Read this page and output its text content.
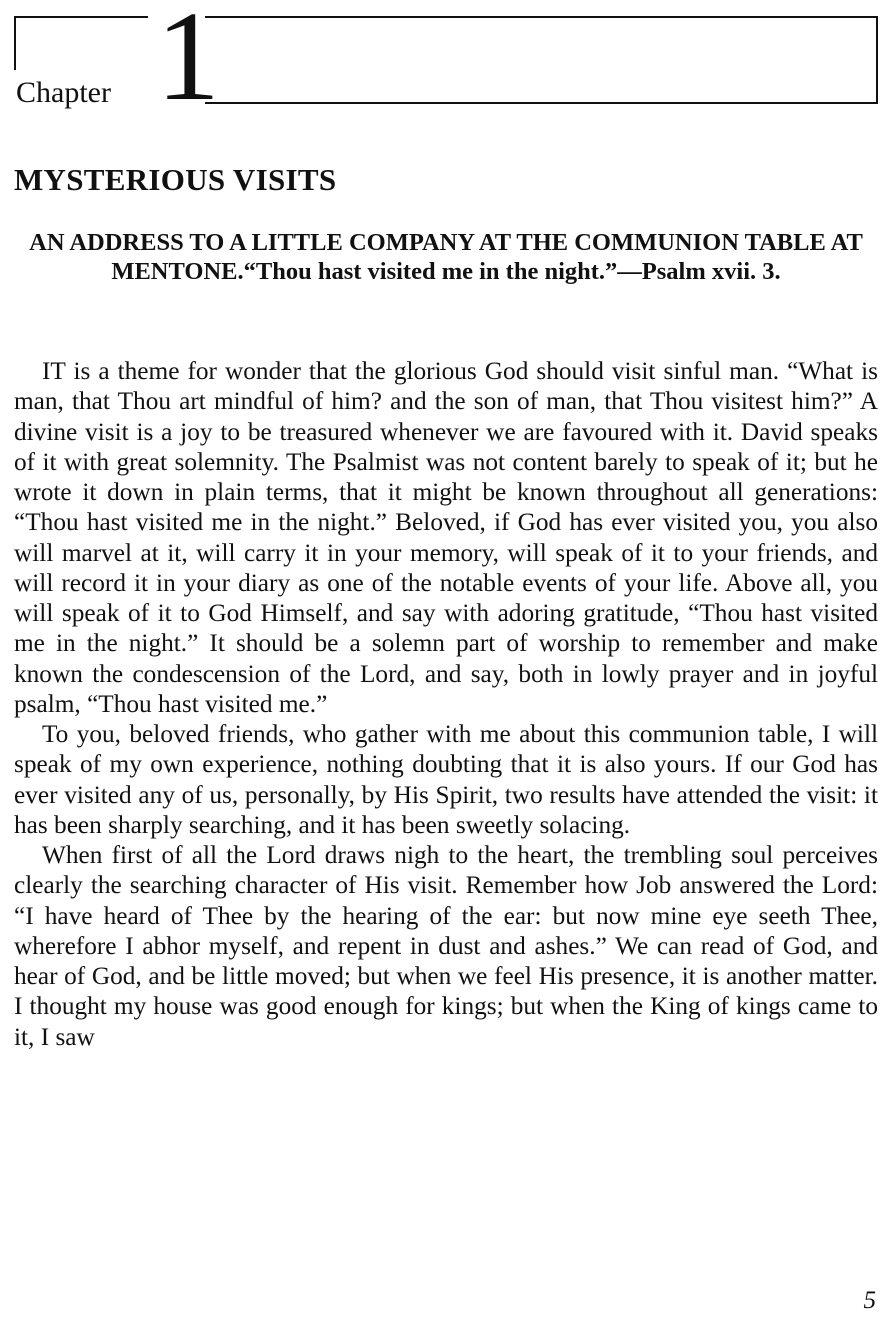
Chapter 1
MYSTERIOUS VISITS
AN ADDRESS TO A LITTLE COMPANY AT THE COMMUNION TABLE AT MENTONE.“Thou hast visited me in the night.”—Psalm xvii. 3.

IT is a theme for wonder that the glorious God should visit sinful man. “What is man, that Thou art mindful of him? and the son of man, that Thou visitest him?” A divine visit is a joy to be treasured whenever we are favoured with it. David speaks of it with great solemnity. The Psalmist was not content barely to speak of it; but he wrote it down in plain terms, that it might be known throughout all generations: “Thou hast visited me in the night.” Beloved, if God has ever visited you, you also will marvel at it, will carry it in your memory, will speak of it to your friends, and will record it in your diary as one of the notable events of your life. Above all, you will speak of it to God Himself, and say with adoring gratitude, “Thou hast visited me in the night.” It should be a solemn part of worship to remember and make known the condescension of the Lord, and say, both in lowly prayer and in joyful psalm, “Thou hast visited me.”

To you, beloved friends, who gather with me about this communion table, I will speak of my own experience, nothing doubting that it is also yours. If our God has ever visited any of us, personally, by His Spirit, two results have attended the visit: it has been sharply searching, and it has been sweetly solacing.

When first of all the Lord draws nigh to the heart, the trembling soul perceives clearly the searching character of His visit. Remember how Job answered the Lord: “I have heard of Thee by the hearing of the ear: but now mine eye seeth Thee, wherefore I abhor myself, and repent in dust and ashes.” We can read of God, and hear of God, and be little moved; but when we feel His presence, it is another matter. I thought my house was good enough for kings; but when the King of kings came to it, I saw

5
